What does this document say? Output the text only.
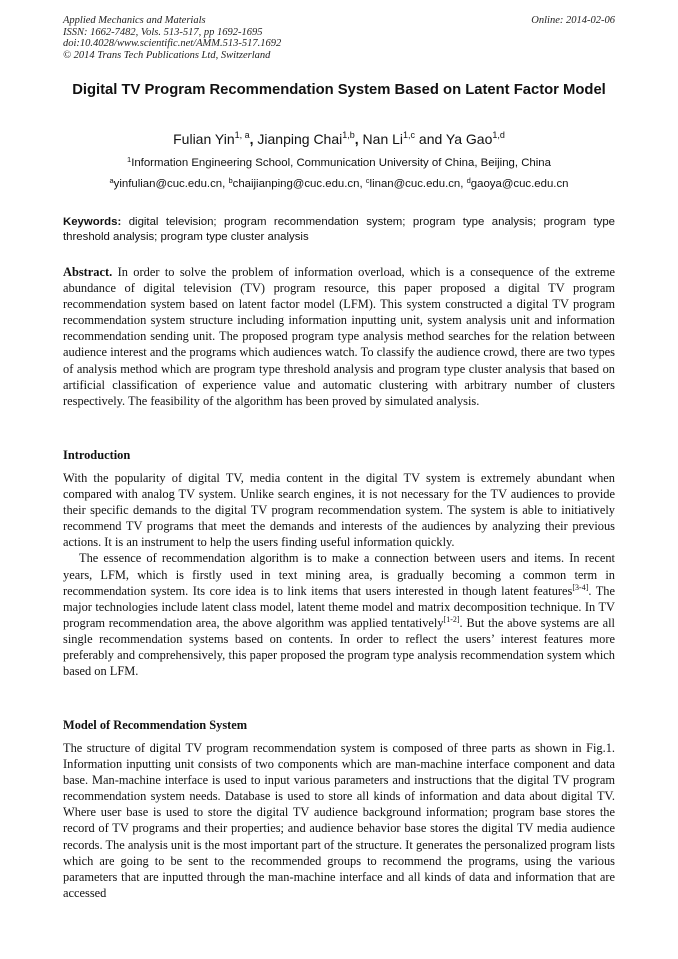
Applied Mechanics and Materials
ISSN: 1662-7482, Vols. 513-517, pp 1692-1695
doi:10.4028/www.scientific.net/AMM.513-517.1692
© 2014 Trans Tech Publications Ltd, Switzerland
Online: 2014-02-06
Digital TV Program Recommendation System Based on Latent Factor Model
Fulian Yin$^{1, a}$, Jianping Chai$^{1,b}$, Nan Li$^{1,c}$ and Ya Gao$^{1,d}$
$^1$Information Engineering School, Communication University of China, Beijing, China
$^a$yinfulian@cuc.edu.cn, $^b$chaijianping@cuc.edu.cn, $^c$linan@cuc.edu.cn, $^d$gaoya@cuc.edu.cn
Keywords: digital television; program recommendation system; program type analysis; program type threshold analysis; program type cluster analysis

Abstract. In order to solve the problem of information overload, which is a consequence of the extreme abundance of digital television (TV) program resource, this paper proposed a digital TV program recommendation system based on latent factor model (LFM). This system constructed a digital TV program recommendation system structure including information inputting unit, system analysis unit and information recommendation sending unit. The proposed program type analysis method searches for the relation between audience interest and the programs which audiences watch. To classify the audience crowd, there are two types of analysis method which are program type threshold analysis and program type cluster analysis that based on artificial classification of experience value and automatic clustering with arbitrary number of clusters respectively. The feasibility of the algorithm has been proved by simulated analysis.

Introduction

With the popularity of digital TV, media content in the digital TV system is extremely abundant when compared with analog TV system. Unlike search engines, it is not necessary for the TV audiences to provide their specific demands to the digital TV program recommendation system. The system is able to initiatively recommend TV programs that meet the demands and interests of the audiences by analyzing their previous actions. It is an instrument to help the users finding useful information quickly.

The essence of recommendation algorithm is to make a connection between users and items. In recent years, LFM, which is firstly used in text mining area, is gradually becoming a common term in recommendation system. Its core idea is to link items that users interested in though latent features[3-4]. The major technologies include latent class model, latent theme model and matrix decomposition technique. In TV program recommendation area, the above algorithm was applied tentatively[1-2]. But the above systems are all single recommendation systems based on contents. In order to reflect the users’ interest features more preferably and comprehensively, this paper proposed the program type analysis recommendation system which based on LFM.

Model of Recommendation System

The structure of digital TV program recommendation system is composed of three parts as shown in Fig.1. Information inputting unit consists of two components which are man-machine interface component and data base. Man-machine interface is used to input various parameters and instructions that the digital TV program recommendation system needs. Database is used to store all kinds of information and data about digital TV. Where user base is used to store the digital TV audience background information; program base stores the record of TV programs and their properties; and audience behavior base stores the digital TV media audience records. The analysis unit is the most important part of the structure. It generates the personalized program lists which are going to be sent to the recommended groups to recommend the programs, using the various parameters that are inputted through the man-machine interface and all kinds of data and information that are accessed
